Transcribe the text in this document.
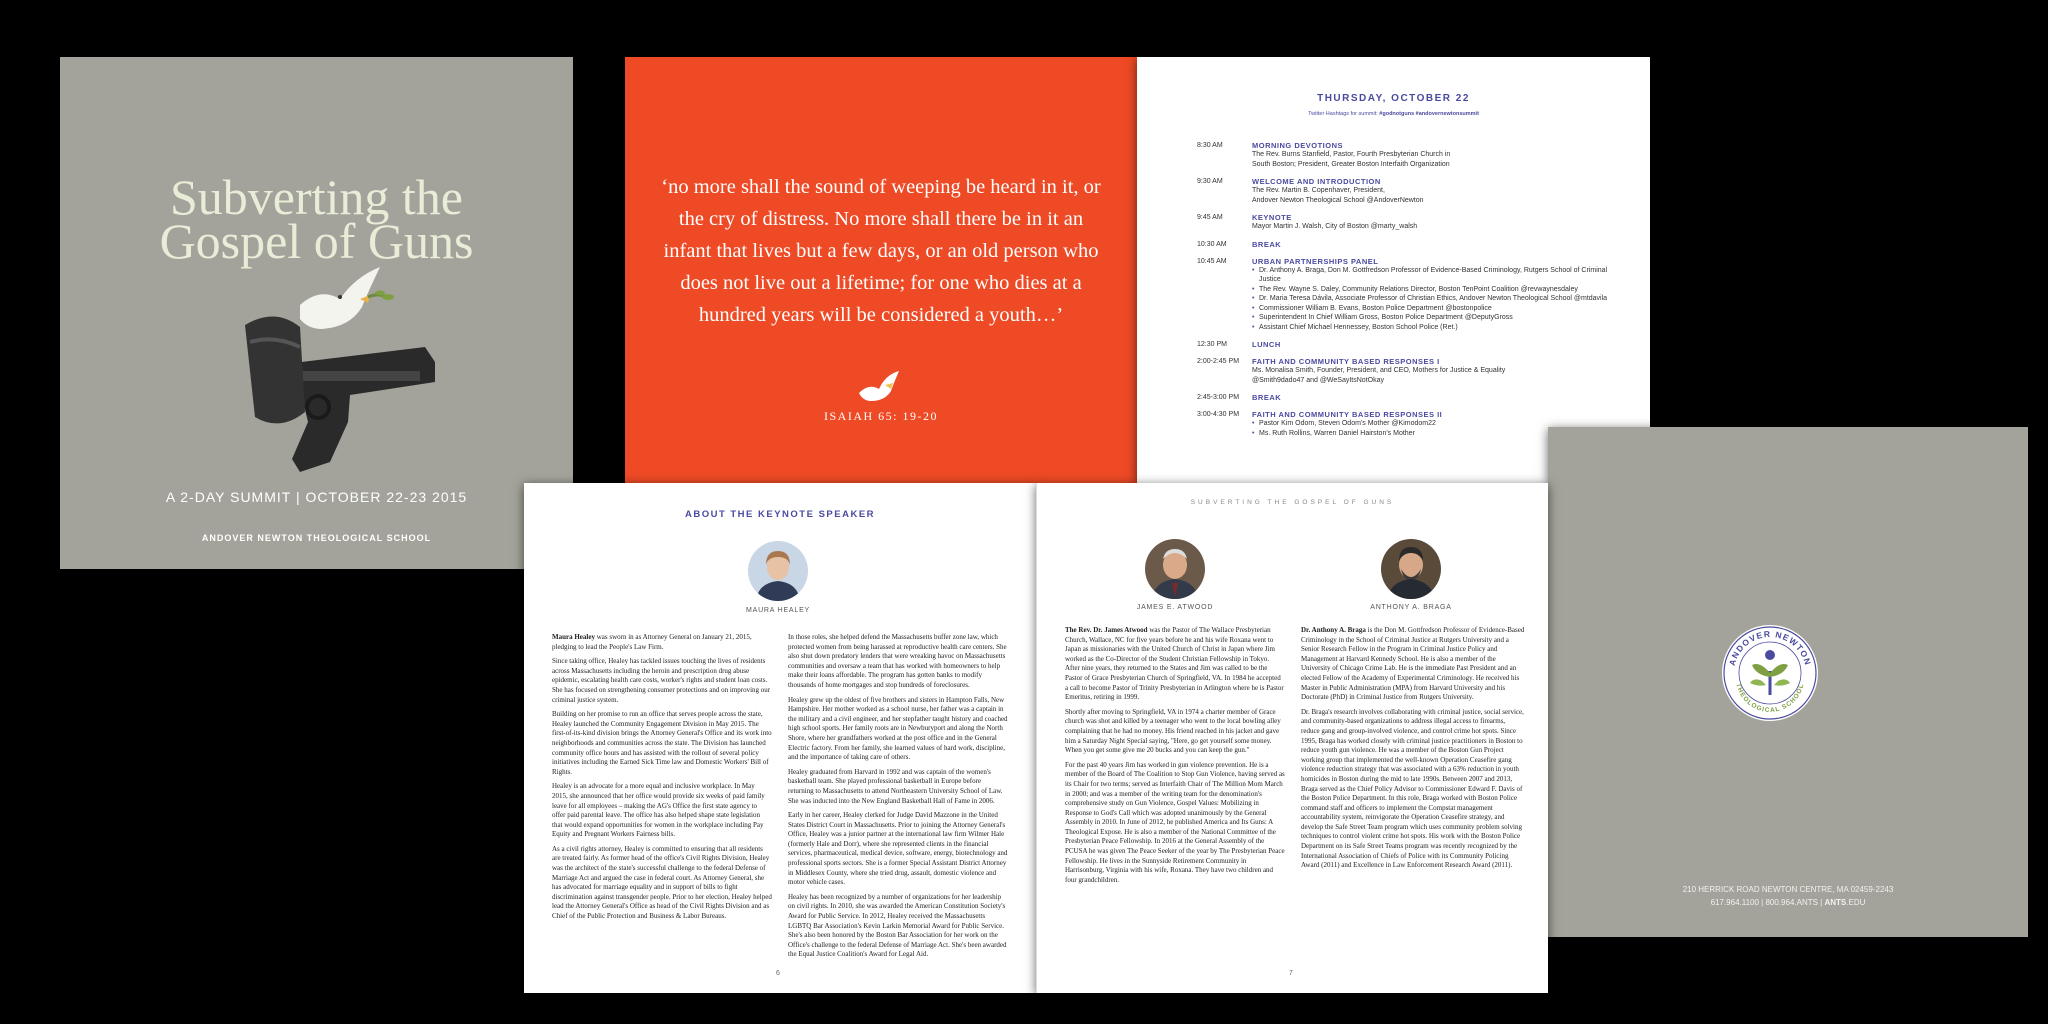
Subverting the
Gospel of Guns
A 2-DAY SUMMIT | OCTOBER 22-23 2015
ANDOVER NEWTON THEOLOGICAL SCHOOL
‘no more shall the sound of weeping be heard in it, or the cry of distress. No more shall there be in it an infant that lives but a few days, or an old person who does not live out a lifetime; for one who dies at a hundred years will be considered a youth…’
ISAIAH 65: 19-20
THURSDAY, OCTOBER 22
Twitter Hashtags for summit: #godnotguns #andovernewtonsummit
8:30 AM	MORNING DEVOTIONS
The Rev. Burns Stanfield, Pastor, Fourth Presbyterian Church in
South Boston; President, Greater Boston Interfaith Organization
9:30 AM	WELCOME AND INTRODUCTION
The Rev. Martin B. Copenhaver, President,
Andover Newton Theological School @AndoverNewton
9:45 AM	KEYNOTE
Mayor Martin J. Walsh, City of Boston @marty_walsh
10:30 AM	BREAK
10:45 AM	URBAN PARTNERSHIPS PANEL
• Dr. Anthony A. Braga, Don M. Gottfredson Professor of Evidence-Based Criminology, Rutgers School of Criminal Justice
• The Rev. Wayne S. Daley, Community Relations Director, Boston TenPoint Coalition @revwaynesdaley
• Dr. Maria Teresa Dávila, Associate Professor of Christian Ethics, Andover Newton Theological School @mtdavila
• Commissioner William B. Evans, Boston Police Department @bostonpolice
• Superintendent In Chief William Gross, Boston Police Department @DeputyGross
• Assistant Chief Michael Hennessey, Boston School Police (Ret.)
12:30 PM	LUNCH
2:00-2:45 PM	FAITH AND COMMUNITY BASED RESPONSES I
Ms. Monalisa Smith, Founder, President, and CEO, Mothers for Justice & Equality
@Smith9dado47 and @WeSayItsNotOkay
2:45-3:00 PM	BREAK
3:00-4:30 PM	FAITH AND COMMUNITY BASED RESPONSES II
• Pastor Kim Odom, Steven Odom's Mother @Kimodom22
• Ms. Ruth Rollins, Warren Daniel Hairston's Mother
ANDOVER NEWTON
THEOLOGICAL SCHOOL
210 HERRICK ROAD NEWTON CENTRE, MA 02459-2243
617.964.1100 | 800.964.ANTS | ANTS.EDU
ABOUT THE KEYNOTE SPEAKER
MAURA HEALEY

Maura Healey was sworn in as Attorney General on January 21, 2015, pledging to lead the People's Law Firm.

Since taking office, Healey has tackled issues touching the lives of residents across Massachusetts including the heroin and prescription drug abuse epidemic, escalating health care costs, worker's rights and student loan costs. She has focused on strengthening consumer protections and on improving our criminal justice system.

Building on her promise to run an office that serves people across the state, Healey launched the Community Engagement Division in May 2015. The first-of-its-kind division brings the Attorney General's Office and its work into neighborhoods and communities across the state. The Division has launched community office hours and has assisted with the rollout of several policy initiatives including the Earned Sick Time law and Domestic Workers' Bill of Rights.

Healey is an advocate for a more equal and inclusive workplace. In May 2015, she announced that her office would provide six weeks of paid family leave for all employees – making the AG's Office the first state agency to offer paid parental leave. The office has also helped shape state legislation that would expand opportunities for women in the workplace including Pay Equity and Pregnant Workers Fairness bills.

As a civil rights attorney, Healey is committed to ensuring that all residents are treated fairly. As former head of the office's Civil Rights Division, Healey was the architect of the state's successful challenge to the federal Defense of Marriage Act and argued the case in federal court. As Attorney General, she has advocated for marriage equality and in support of bills to fight discrimination against transgender people. Prior to her election, Healey helped lead the Attorney General's Office as head of the Civil Rights Division and as Chief of the Public Protection and Business & Labor Bureaus.

In those roles, she helped defend the Massachusetts buffer zone law, which protected women from being harassed at reproductive health care centers. She also shut down predatory lenders that were wreaking havoc on Massachusetts communities and oversaw a team that has worked with homeowners to help make their loans affordable. The program has gotten banks to modify thousands of home mortgages and stop hundreds of foreclosures.

Healey grew up the oldest of five brothers and sisters in Hampton Falls, New Hampshire. Her mother worked as a school nurse, her father was a captain in the military and a civil engineer, and her stepfather taught history and coached high school sports. Her family roots are in Newburyport and along the North Shore, where her grandfathers worked at the post office and in the General Electric factory. From her family, she learned values of hard work, discipline, and the importance of taking care of others.

Healey graduated from Harvard in 1992 and was captain of the women's basketball team. She played professional basketball in Europe before returning to Massachusetts to attend Northeastern University School of Law. She was inducted into the New England Basketball Hall of Fame in 2006.

Early in her career, Healey clerked for Judge David Mazzone in the United States District Court in Massachusetts. Prior to joining the Attorney General's Office, Healey was a junior partner at the international law firm Wilmer Hale (formerly Hale and Dorr), where she represented clients in the financial services, pharmaceutical, medical device, software, energy, biotechnology and professional sports sectors. She is a former Special Assistant District Attorney in Middlesex County, where she tried drug, assault, domestic violence and motor vehicle cases.

Healey has been recognized by a number of organizations for her leadership on civil rights. In 2010, she was awarded the American Constitution Society's Award for Public Service. In 2012, Healey received the Massachusetts LGBTQ Bar Association's Kevin Larkin Memorial Award for Public Service. She's also been honored by the Boston Bar Association for her work on the Office's challenge to the federal Defense of Marriage Act. She's been awarded the Equal Justice Coalition's Award for Legal Aid.

6
SUBVERTING THE GOSPEL OF GUNS
JAMES E. ATWOOD	ANTHONY A. BRAGA

The Rev. Dr. James Atwood was the Pastor of The Wallace Presbyterian Church, Wallace, NC for five years before he and his wife Roxana went to Japan as missionaries with the United Church of Christ in Japan where Jim worked as the Co-Director of the Student Christian Fellowship in Tokyo. After nine years, they returned to the States and Jim was called to be the Pastor of Grace Presbyterian Church of Springfield, VA. In 1984 he accepted a call to become Pastor of Trinity Presbyterian in Arlington where he is Pastor Emeritus, retiring in 1999.

Shortly after moving to Springfield, VA in 1974 a charter member of Grace church was shot and killed by a teenager who went to the local bowling alley complaining that he had no money. His friend reached in his jacket and gave him a Saturday Night Special saying, "Here, go get yourself some money. When you get some give me 20 bucks and you can keep the gun."

For the past 40 years Jim has worked in gun violence prevention. He is a member of the Board of The Coalition to Stop Gun Violence, having served as its Chair for two terms; served as Interfaith Chair of The Million Mom March in 2000; and was a member of the writing team for the denomination's comprehensive study on Gun Violence, Gospel Values: Mobilizing in Response to God's Call which was adopted unanimously by the General Assembly in 2010. In June of 2012, he published America and Its Guns: A Theological Expose. He is also a member of the National Committee of the Presbyterian Peace Fellowship. In 2016 at the General Assembly of the PCUSA he was given The Peace Seeker of the year by The Presbyterian Peace Fellowship. He lives in the Sunnyside Retirement Community in Harrisonburg, Virginia with his wife, Roxana. They have two children and four grandchildren.

Dr. Anthony A. Braga is the Don M. Gottfredson Professor of Evidence-Based Criminology in the School of Criminal Justice at Rutgers University and a Senior Research Fellow in the Program in Criminal Justice Policy and Management at Harvard Kennedy School. He is also a member of the University of Chicago Crime Lab. He is the immediate Past President and an elected Fellow of the Academy of Experimental Criminology. He received his Master in Public Administration (MPA) from Harvard University and his Doctorate (PhD) in Criminal Justice from Rutgers University.

Dr. Braga's research involves collaborating with criminal justice, social service, and community-based organizations to address illegal access to firearms, reduce gang and group-involved violence, and control crime hot spots. Since 1995, Braga has worked closely with criminal justice practitioners in Boston to reduce youth gun violence. He was a member of the Boston Gun Project working group that implemented the well-known Operation Ceasefire gang violence reduction strategy that was associated with a 63% reduction in youth homicides in Boston during the mid to late 1990s. Between 2007 and 2013, Braga served as the Chief Policy Advisor to Commissioner Edward F. Davis of the Boston Police Department. In this role, Braga worked with Boston Police command staff and officers to implement the Compstat management accountability system, reinvigorate the Operation Ceasefire strategy, and develop the Safe Street Team program which uses community problem solving techniques to control violent crime hot spots. His work with the Boston Police Department on its Safe Street Teams program was recently recognized by the International Association of Chiefs of Police with its Community Policing Award (2011) and Excellence in Law Enforcement Research Award (2011).

7
